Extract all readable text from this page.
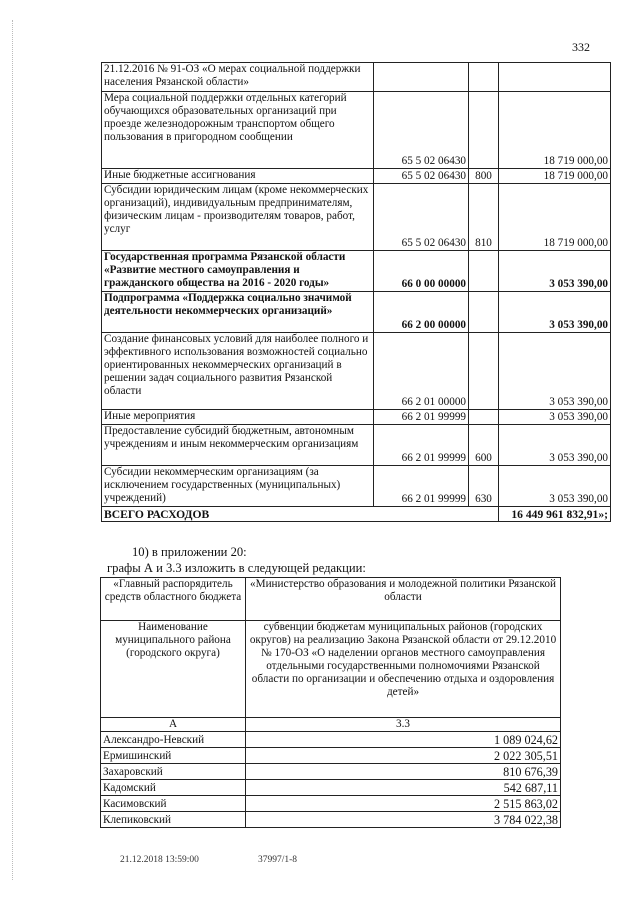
332
21.12.2016 № 91-ОЗ «О мерах социальной поддержки населения Рязанской области»			
Мера социальной поддержки отдельных категорий обучающихся образовательных организаций при проезде железнодорожным транспортом общего пользования в пригородном сообщении	65 5 02 06430		18 719 000,00
Иные бюджетные ассигнования	65 5 02 06430	800	18 719 000,00
Субсидии юридическим лицам (кроме некоммерческих организаций), индивидуальным предпринимателям, физическим лицам - производителям товаров, работ, услуг	65 5 02 06430	810	18 719 000,00
Государственная программа Рязанской области «Развитие местного самоуправления и гражданского общества на 2016 - 2020 годы»	66 0 00 00000		3 053 390,00
Подпрограмма «Поддержка социально значимой деятельности некоммерческих организаций»	66 2 00 00000		3 053 390,00
Создание финансовых условий для наиболее полного и эффективного использования возможностей социально ориентированных некоммерческих организаций в решении задач социального развития Рязанской области	66 2 01 00000		3 053 390,00
Иные мероприятия	66 2 01 99999		3 053 390,00
Предоставление субсидий бюджетным, автономным учреждениям и иным некоммерческим организациям	66 2 01 99999	600	3 053 390,00
Субсидии некоммерческим организациям (за исключением государственных (муниципальных) учреждений)	66 2 01 99999	630	3 053 390,00
ВСЕГО РАСХОДОВ			16 449 961 832,91»;
10) в приложении 20:
графы А и 3.3 изложить в следующей редакции:
«Главный распорядитель средств областного бюджета	«Министерство образования и молодежной политики Рязанской области
Наименование муниципального района (городского округа)	субвенции бюджетам муниципальных районов (городских округов) на реализацию Закона Рязанской области от 29.12.2010 № 170-ОЗ «О наделении органов местного самоуправления отдельными государственными полномочиями Рязанской области по организации и обеспечению отдыха и оздоровления детей»
А	3.3
Александро-Невский	1 089 024,62
Ермишинский	2 022 305,51
Захаровский	810 676,39
Кадомский	542 687,11
Касимовский	2 515 863,02
Клепиковский	3 784 022,38
21.12.2018 13:59:00	37997/1-8
